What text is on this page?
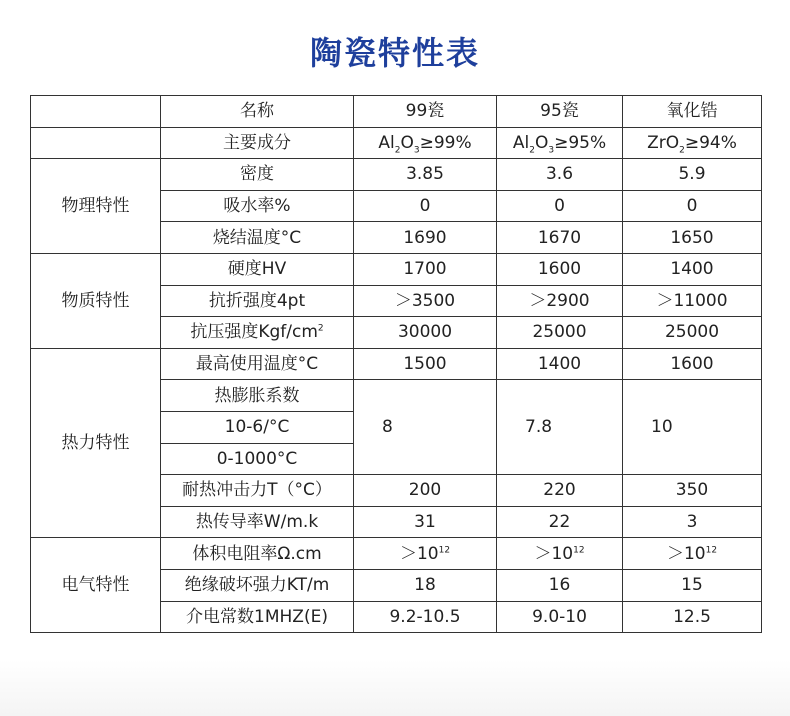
陶瓷特性表
	名称	99瓷	95瓷	氧化锆
	主要成分	$Al_2O_3\ge 99\%$	$Al_2O_3\ge 95\%$	ZrO$_2$≥94%
物理特性	密度	3.85	3.6	5.9
	吸水率%	0	0	0
	烧结温度°C	1690	1670	1650
物质特性	硬度HV	1700	1600	1400
	抗折强度4pt	＞3500	＞2900	＞11000
	抗压强度Kgf/$cm^2$	30000	25000	25000
热力特性	最高使用温度°C	1500	1400	1600
	热膨胀系数	8	7.8	10
	10-6/°C			
	0-1000°C			
	耐热冲击力T（°C）	200	220	350
	热传导率W/m.k	31	22	3
电气特性	体积电阻率Ω.cm	$>10^{12}$	$>10^{12}$	$>10^{12}$
	绝缘破坏强力KT/m	18	16	15
	介电常数1MHZ(E)	9.2-10.5	9.0-10	12.5
